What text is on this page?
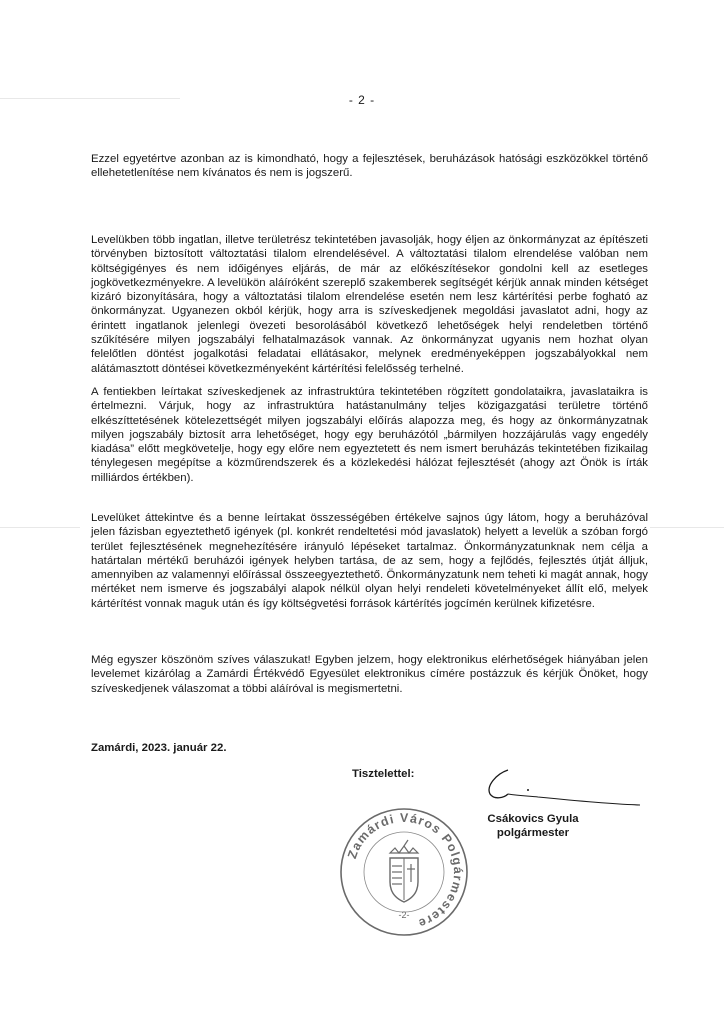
- 2 -

Ezzel egyetértve azonban az is kimondható, hogy a fejlesztések, beruházások hatósági eszközökkel történő ellehetetlenítése nem kívánatos és nem is jogszerű.

Levelükben több ingatlan, illetve terület​rész tekintetében javasolják, hogy éljen az önkormányzat az építészeti törvényben biztosított változtatási tilalom elrendelésével. A változtatási tilalom elrendelése valóban nem költségigényes és nem időigényes eljárás, de már az előkészítésekor gondolni kell az esetleges jogkövetkezményekre. A levelükön aláíróként szereplő szakemberek segítségét kérjük annak minden kétséget kizáró bizonyítására, hogy a változtatási tilalom elrendelése esetén nem lesz kártérítési perbe fogható az önkormányzat. Ugyanezen okból kérjük, hogy arra is szíveskedjenek megoldási javaslatot adni, hogy az érintett ingatlanok jelenlegi övezeti besorolásából következő lehetőségek helyi rendeletben történő szűkítésére milyen jogszabályi felhatalmazások vannak. Az önkormányzat ugyanis nem hozhat olyan felelőtlen döntést jogalkotási feladatai ellátásakor, melynek eredményeképpen jogszabályokkal nem alátámasztott döntései következményeként kártérítési felelősség terhelné.

A fentiekben leírtakat szíveskedjenek az infrastruktúra tekintetében rögzített gondolataikra, javaslataikra is értelmezni. Várjuk, hogy az infrastruktúra hatástanulmány teljes közigazgatási területre történő elkészíttetésének kötelezettségét milyen jogszabályi előírás alapozza meg, és hogy az önkormányzatnak milyen jogszabály biztosít arra lehetőséget, hogy egy beruházótól „bármilyen hozzájárulás vagy engedély kiadása” előtt megkövetelje, hogy egy előre nem egyeztetett és nem ismert beruházás tekintetében fizikailag ténylegesen megépítse a közműrendszerek és a közlekedési hálózat fejlesztését (ahogy azt Önök is írták milliárdos értékben).

Levelüket áttekintve és a benne leírtakat összességében értékelve sajnos úgy látom, hogy a beruházóval jelen fázisban egyeztethető igények (pl. konkrét rendeltetési mód javaslatok) helyett a levelük a szóban forgó terület fejlesztésének megnehezítésére irányuló lépéseket tartalmaz. Önkormányzatunknak nem célja a határtalan mértékű beruházói igények helyben tartása, de az sem, hogy a fejlődés, fejlesztés útját álljuk, amennyiben az valamennyi előírással összeegyeztethető. Önkormányzatunk nem teheti ki magát annak, hogy mértéket nem ismerve és jogszabályi alapok nélkül olyan helyi rendeleti követelményeket állít elő, melyek kártérítést vonnak maguk után és így költségvetési források kártérítés jogcímén kerülnek kifizetésre.

Még egyszer köszönöm szíves válaszukat! Egyben jelzem, hogy elektronikus elérhetőségek hiányában jelen levelemet kizárólag a Zamárdi Értékvédő Egyesület elektronikus címére postázzuk és kérjük Önöket, hogy szíveskedjenek válaszomat a többi aláíróval is megismertetni.

Zamárdi, 2023. január 22.
Tisztelettel:
Csákovics Gyula
polgármester
Zamárdi Város Polgármestere
-2-
